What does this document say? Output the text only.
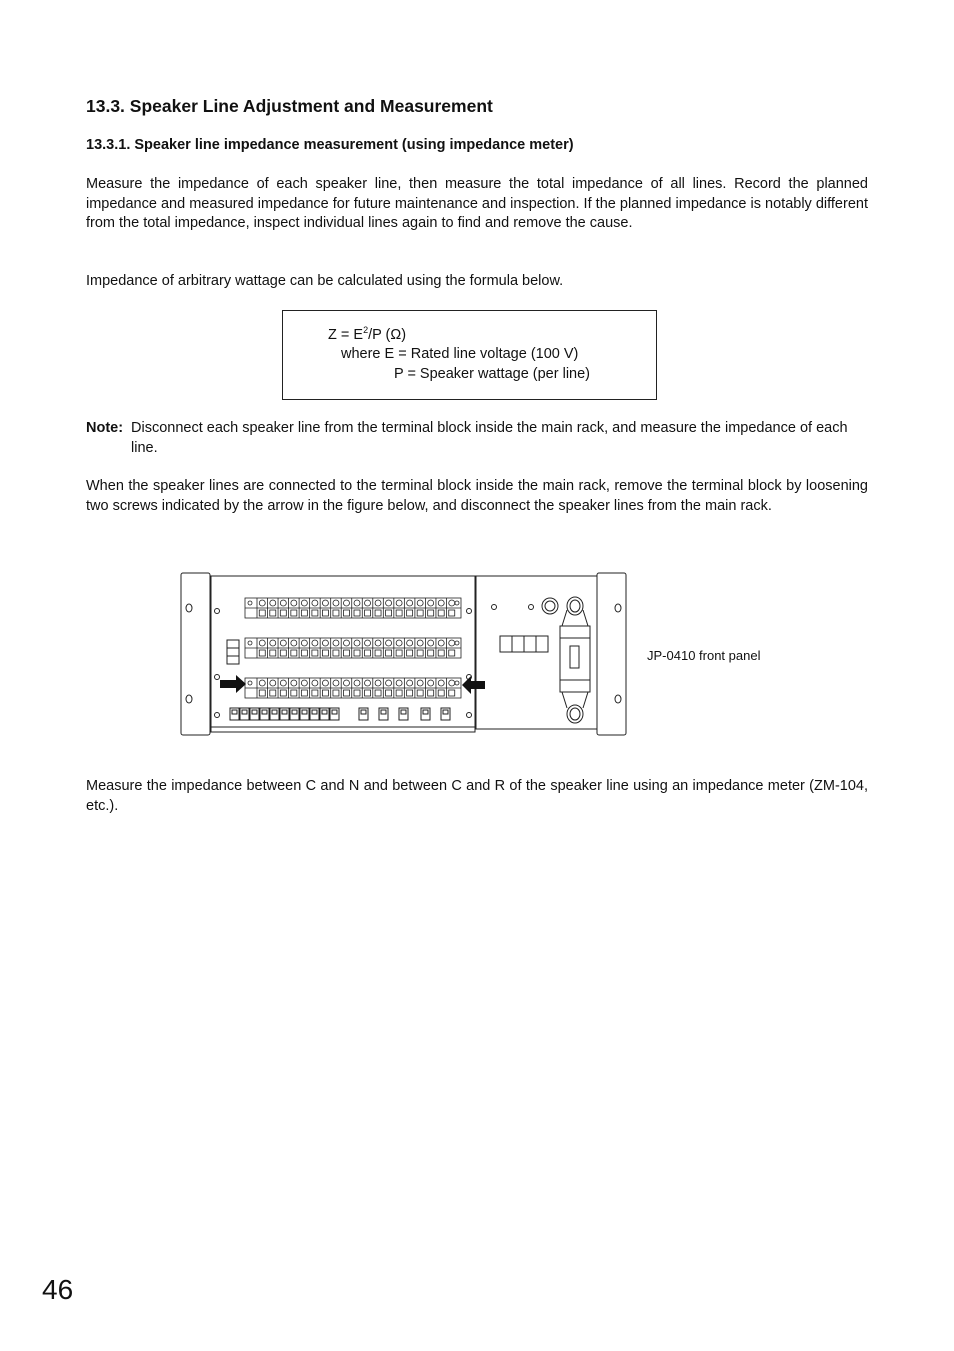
13.3. Speaker Line Adjustment and Measurement
13.3.1. Speaker line impedance measurement (using impedance meter)

Measure the impedance of each speaker line, then measure the total impedance of all lines. Record the planned impedance and measured impedance for future maintenance and inspection. If the planned impedance is notably different from the total impedance, inspect individual lines again to find and remove the cause.

Impedance of arbitrary wattage can be calculated using the formula below.

$Z = E^2/P$ (Ω)
where E = Rated line voltage (100 V)
P = Speaker wattage (per line)
Note: Disconnect each speaker line from the terminal block inside the main rack, and measure the impedance of each line.

When the speaker lines are connected to the terminal block inside the main rack, remove the terminal block by loosening two screws indicated by the arrow in the figure below, and disconnect the speaker lines from the main rack.

JP-0410 front panel

Measure the impedance between C and N and between C and R of the speaker line using an impedance meter (ZM-104, etc.).

46
